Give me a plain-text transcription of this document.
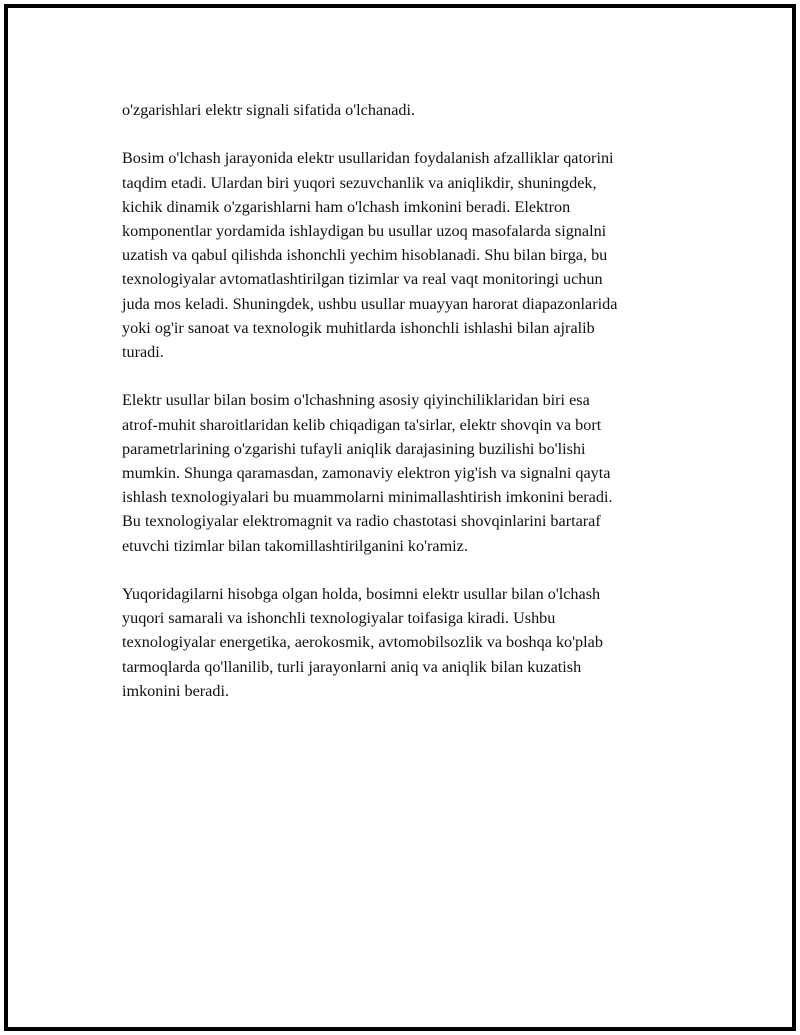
o'zgarishlari elektr signali sifatida o'lchanadi.

Bosim o'lchash jarayonida elektr usullaridan foydalanish afzalliklar qatorini
taqdim etadi. Ulardan biri yuqori sezuvchanlik va aniqlikdir, shuningdek,
kichik dinamik o'zgarishlarni ham o'lchash imkonini beradi. Elektron
komponentlar yordamida ishlaydigan bu usullar uzoq masofalarda signalni
uzatish va qabul qilishda ishonchli yechim hisoblanadi. Shu bilan birga, bu
texnologiyalar avtomatlashtirilgan tizimlar va real vaqt monitoringi uchun
juda mos keladi. Shuningdek, ushbu usullar muayyan harorat diapazonlarida
yoki og'ir sanoat va texnologik muhitlarda ishonchli ishlashi bilan ajralib
turadi.

Elektr usullar bilan bosim o'lchashning asosiy qiyinchiliklaridan biri esa
atrof-muhit sharoitlaridan kelib chiqadigan ta'sirlar, elektr shovqin va bort
parametrlarining o'zgarishi tufayli aniqlik darajasining buzilishi bo'lishi
mumkin. Shunga qaramasdan, zamonaviy elektron yig'ish va signalni qayta
ishlash texnologiyalari bu muammolarni minimallashtirish imkonini beradi.
Bu texnologiyalar elektromagnit va radio chastotasi shovqinlarini bartaraf
etuvchi tizimlar bilan takomillashtirilganini ko'ramiz.

Yuqoridagilarni hisobga olgan holda, bosimni elektr usullar bilan o'lchash
yuqori samarali va ishonchli texnologiyalar toifasiga kiradi. Ushbu
texnologiyalar energetika, aerokosmik, avtomobilsozlik va boshqa ko'plab
tarmoqlarda qo'llanilib, turli jarayonlarni aniq va aniqlik bilan kuzatish
imkonini beradi.
